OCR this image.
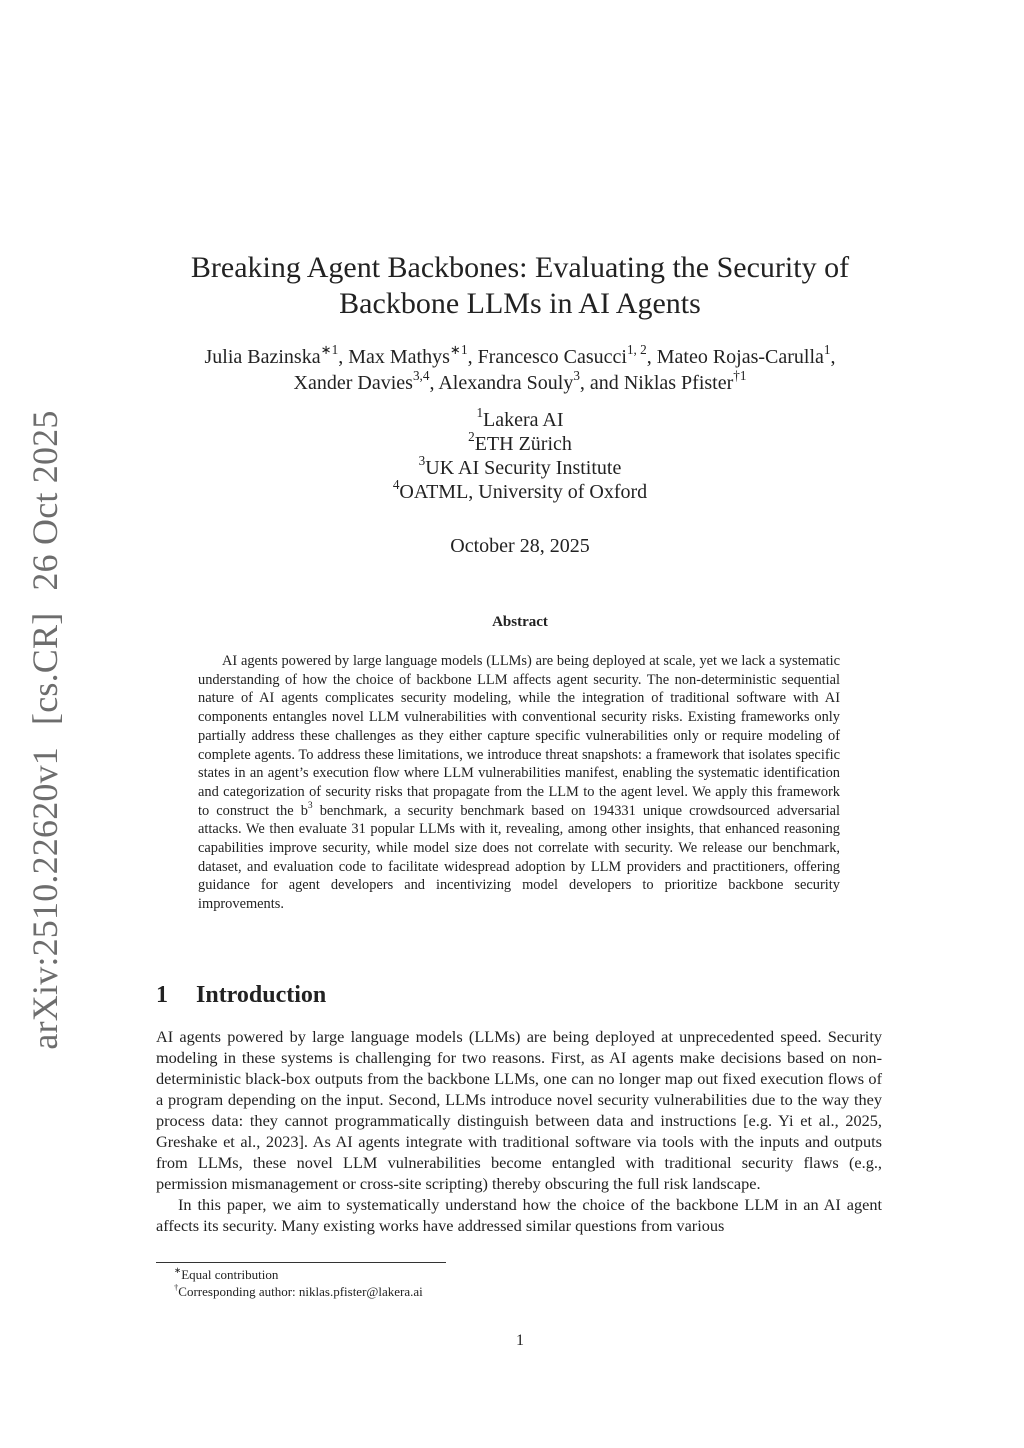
arXiv:2510.22620v1[cs.CR]26 Oct 2025
Breaking Agent Backbones: Evaluating the Security of
Backbone LLMs in AI Agents
Julia Bazinska$^{∗1}$, Max Mathys$^{∗1}$, Francesco Casucci$^{1, 2}$, Mateo Rojas-Carulla$^1$,
Xander Davies$^{3,4}$, Alexandra Souly$^3$, and Niklas Pfister$^{\dagger 1}$
$^1$Lakera AI
$^2$ETH Zürich
$^3$UK AI Security Institute
$^4$OATML, University of Oxford
October 28, 2025
Abstract
AI agents powered by large language models (LLMs) are being deployed at scale, yet we lack a systematic understanding of how the choice of backbone LLM affects agent security. The non-deterministic sequential nature of AI agents complicates security modeling, while the integration of traditional software with AI components entangles novel LLM vulnerabilities with conventional security risks. Existing frameworks only partially address these challenges as they either capture specific vulnerabilities only or require modeling of complete agents. To address these limitations, we introduce threat snapshots: a framework that isolates specific states in an agent’s execution flow where LLM vulnerabilities manifest, enabling the systematic identification and categorization of security risks that propagate from the LLM to the agent level. We apply this framework to construct the $b^3$ benchmark, a security benchmark based on 194331 unique crowdsourced adversarial attacks. We then evaluate 31 popular LLMs with it, revealing, among other insights, that enhanced reasoning capabilities improve security, while model size does not correlate with security. We release our benchmark, dataset, and evaluation code to facilitate widespread adoption by LLM providers and practitioners, offering guidance for agent developers and incentivizing model developers to prioritize backbone security improvements.
1 Introduction

AI agents powered by large language models (LLMs) are being deployed at unprecedented speed. Security modeling in these systems is challenging for two reasons. First, as AI agents make decisions based on non-deterministic black-box outputs from the backbone LLMs, one can no longer map out fixed execution flows of a program depending on the input. Second, LLMs introduce novel security vulnerabilities due to the way they process data: they cannot programmatically distinguish between data and instructions [e.g. Yi et al., 2025, Greshake et al., 2023]. As AI agents integrate with traditional software via tools with the inputs and outputs from LLMs, these novel LLM vulnerabilities become entangled with traditional security flaws (e.g., permission mismanagement or cross-site scripting) thereby obscuring the full risk landscape.

In this paper, we aim to systematically understand how the choice of the backbone LLM in an AI agent affects its security. Many existing works have addressed similar questions from various

∗Equal contribution
†Corresponding author: niklas.pfister@lakera.ai
1
